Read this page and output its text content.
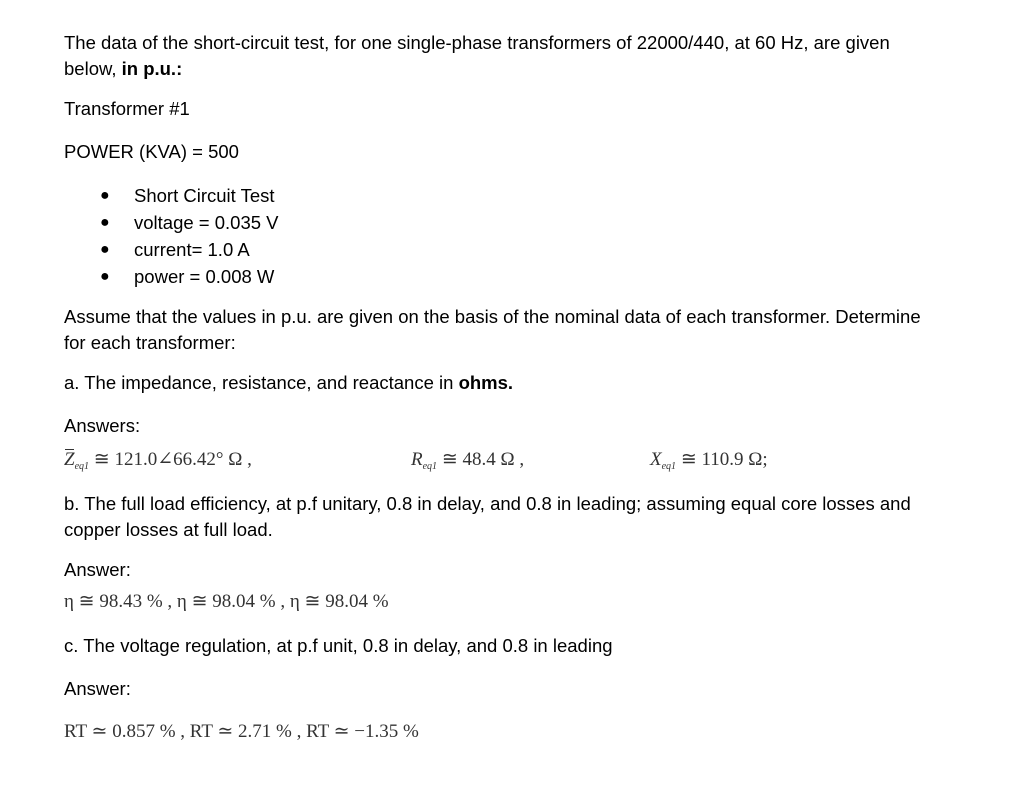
The data of the short-circuit test, for one single-phase transformers of 22000/440, at 60 Hz, are given below, in p.u.:

Transformer #1

POWER (KVA) = 500

● Short Circuit Test
● voltage = 0.035 V
● current= 1.0 A
● power = 0.008 W

Assume that the values in p.u. are given on the basis of the nominal data of each transformer. Determine for each transformer:

a. The impedance, resistance, and reactance in ohms.

Answers:

$Z_{eq1}$ ≅ 121.0∠66.42° Ω ,	$R_{eq1}$ ≅ 48.4 Ω ,	$X_{eq1}$ ≅ 110.9 Ω;

b. The full load efficiency, at p.f unitary, 0.8 in delay, and 0.8 in leading; assuming equal core losses and copper losses at full load.

Answer:

η ≅ 98.43 % , η ≅ 98.04 % , η ≅ 98.04 %

c. The voltage regulation, at p.f unit, 0.8 in delay, and 0.8 in leading

Answer:

RT ≃ 0.857 % , RT ≃ 2.71 % , RT ≃ −1.35 %
